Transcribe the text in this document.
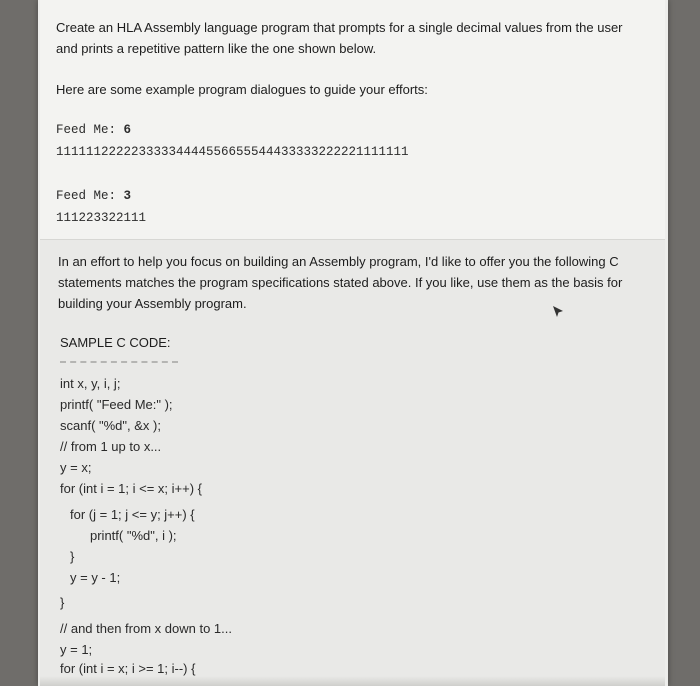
Create an HLA Assembly language program that prompts for a single decimal values from the user
and prints a repetitive pattern like the one shown below.
Here are some example program dialogues to guide your efforts:
Feed Me: 6
11111122222333334444556655544433333222221111111
Feed Me: 3
111223322111
In an effort to help you focus on building an Assembly program, I'd like to offer you the following C
statements matches the program specifications stated above. If you like, use them as the basis for
building your Assembly program.
SAMPLE C CODE:
int x, y, i, j;
printf( "Feed Me:" );
scanf( "%d", &x );
// from 1 up to x...
y = x;
for (int i = 1; i <= x; i++) {
for (j = 1; j <= y; j++) {
printf( "%d", i );
}
y = y - 1;
}
// and then from x down to 1...
y = 1;
for (int i = x; i >= 1; i--) {
